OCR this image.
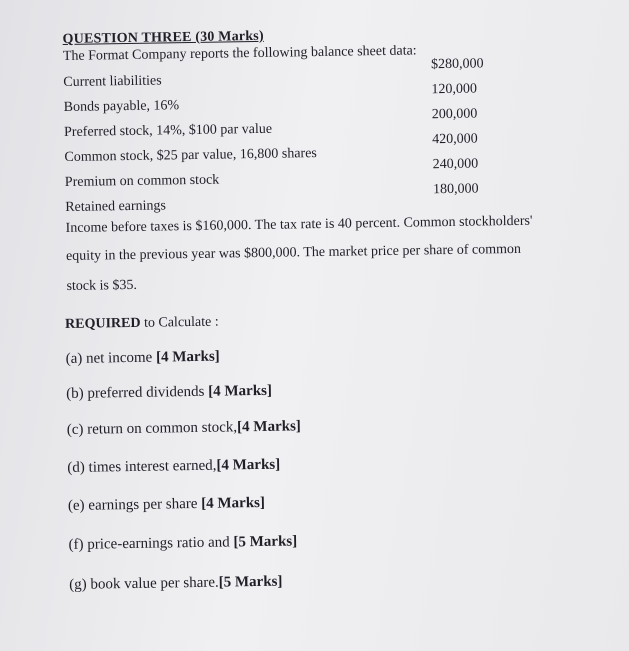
QUESTION THREE (30 Marks)
The Format Company reports the following balance sheet data:
Current liabilities
$280,000
Bonds payable, 16%
120,000
Preferred stock, 14%, $100 par value
200,000
Common stock, $25 par value, 16,800 shares
420,000
Premium on common stock
240,000
Retained earnings
180,000
Income before taxes is $160,000. The tax rate is 40 percent. Common stockholders'
equity in the previous year was $800,000. The market price per share of common
stock is $35.
REQUIRED to Calculate :
(a) net income [4 Marks]
(b) preferred dividends [4 Marks]
(c) return on common stock,[4 Marks]
(d) times interest earned,[4 Marks]
(e) earnings per share [4 Marks]
(f) price-earnings ratio and [5 Marks]
(g) book value per share.[5 Marks]
